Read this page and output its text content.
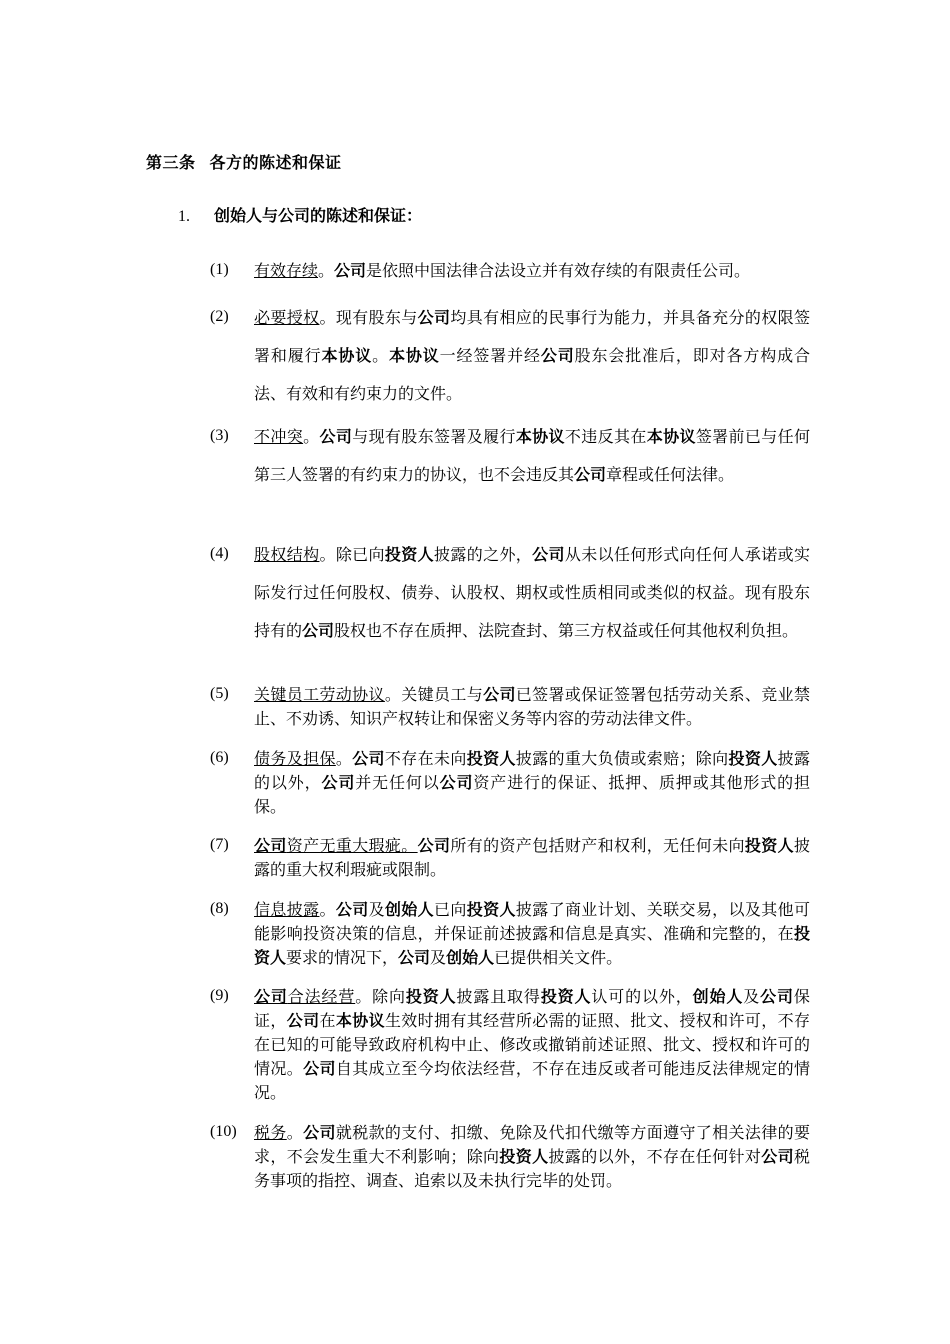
第三条 各方的陈述和保证
1. 创始人与公司的陈述和保证：
(1) 有效存续。公司是依照中国法律合法设立并有效存续的有限责任公司。
(2) 必要授权。现有股东与公司均具有相应的民事行为能力，并具备充分的权限签署和履行本协议。本协议一经签署并经公司股东会批准后，即对各方构成合法、有效和有约束力的文件。
(3) 不冲突。公司与现有股东签署及履行本协议不违反其在本协议签署前已与任何第三人签署的有约束力的协议，也不会违反其公司章程或任何法律。
(4) 股权结构。除已向投资人披露的之外，公司从未以任何形式向任何人承诺或实际发行过任何股权、债券、认股权、期权或性质相同或类似的权益。现有股东持有的公司股权也不存在质押、法院查封、第三方权益或任何其他权利负担。
(5) 关键员工劳动协议。关键员工与公司已签署或保证签署包括劳动关系、竞业禁止、不劝诱、知识产权转让和保密义务等内容的劳动法律文件。
(6) 债务及担保。公司不存在未向投资人披露的重大负债或索赔；除向投资人披露的以外，公司并无任何以公司资产进行的保证、抵押、质押或其他形式的担保。
(7) 公司资产无重大瑕疵。公司所有的资产包括财产和权利，无任何未向投资人披露的重大权利瑕疵或限制。
(8) 信息披露。公司及创始人已向投资人披露了商业计划、关联交易，以及其他可能影响投资决策的信息，并保证前述披露和信息是真实、准确和完整的，在投资人要求的情况下，公司及创始人已提供相关文件。
(9) 公司合法经营。除向投资人披露且取得投资人认可的以外，创始人及公司保证，公司在本协议生效时拥有其经营所必需的证照、批文、授权和许可，不存在已知的可能导致政府机构中止、修改或撤销前述证照、批文、授权和许可的情况。公司自其成立至今均依法经营，不存在违反或者可能违反法律规定的情况。
(10) 税务。公司就税款的支付、扣缴、免除及代扣代缴等方面遵守了相关法律的要求，不会发生重大不利影响；除向投资人披露的以外，不存在任何针对公司税务事项的指控、调查、追索以及未执行完毕的处罚。
